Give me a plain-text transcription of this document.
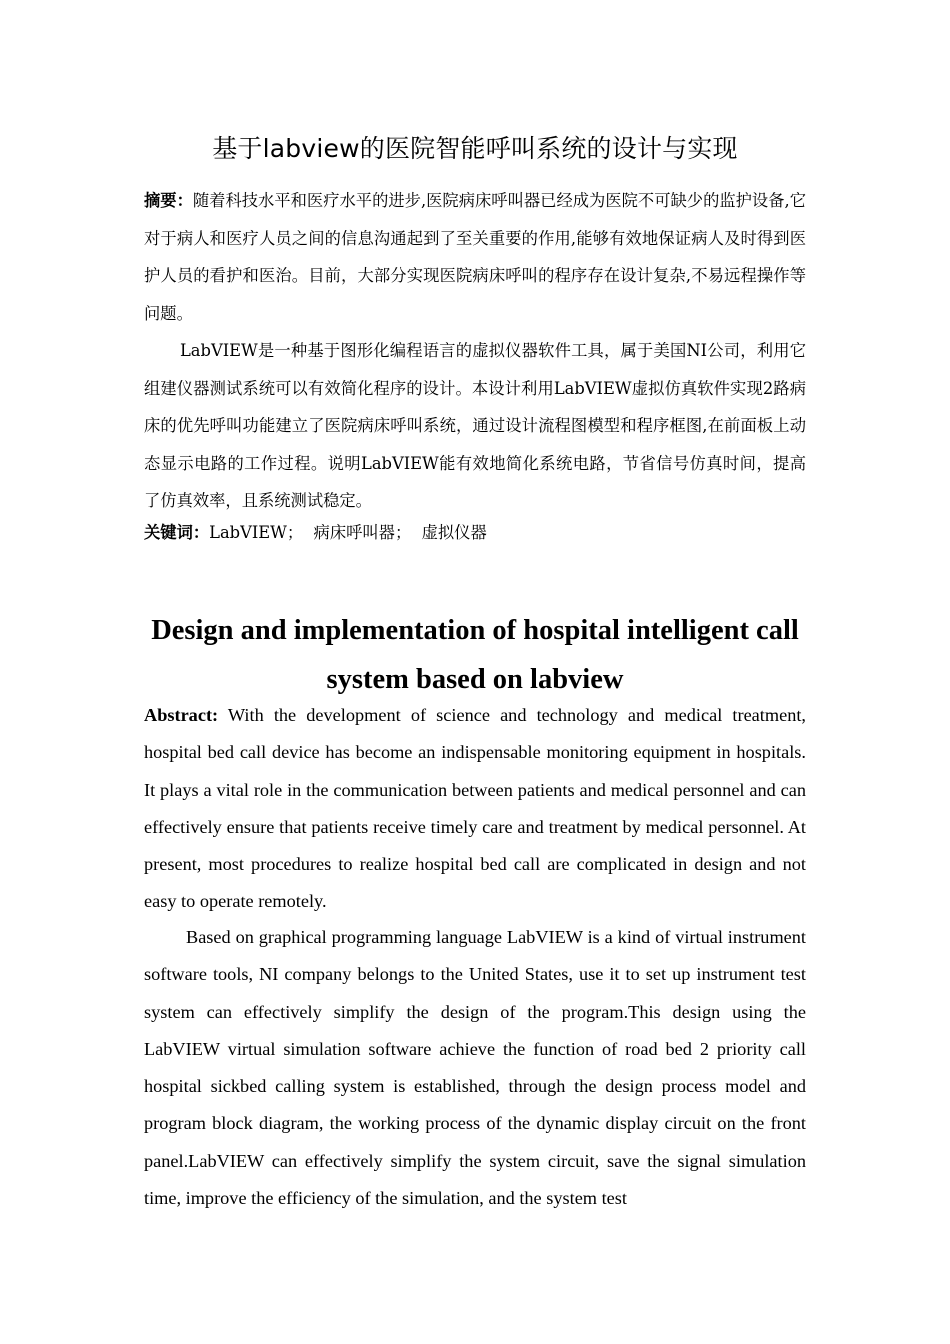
基于labview的医院智能呼叫系统的设计与实现
摘要：随着科技水平和医疗水平的进步,医院病床呼叫器已经成为医院不可缺少的监护设备,它对于病人和医疗人员之间的信息沟通起到了至关重要的作用,能够有效地保证病人及时得到医护人员的看护和医治。目前，大部分实现医院病床呼叫的程序存在设计复杂,不易远程操作等问题。
LabVIEW是一种基于图形化编程语言的虚拟仪器软件工具，属于美国NI公司，利用它组建仪器测试系统可以有效简化程序的设计。本设计利用LabVIEW虚拟仿真软件实现2路病床的优先呼叫功能建立了医院病床呼叫系统，通过设计流程图模型和程序框图,在前面板上动态显示电路的工作过程。说明LabVIEW能有效地简化系统电路，节省信号仿真时间，提高了仿真效率，且系统测试稳定。
关键词：LabVIEW； 病床呼叫器； 虚拟仪器
Design and implementation of hospital intelligent call system based on labview
Abstract: With the development of science and technology and medical treatment, hospital bed call device has become an indispensable monitoring equipment in hospitals. It plays a vital role in the communication between patients and medical personnel and can effectively ensure that patients receive timely care and treatment by medical personnel. At present, most procedures to realize hospital bed call are complicated in design and not easy to operate remotely.
Based on graphical programming language LabVIEW is a kind of virtual instrument software tools, NI company belongs to the United States, use it to set up instrument test system can effectively simplify the design of the program.This design using the LabVIEW virtual simulation software achieve the function of road bed 2 priority call hospital sickbed calling system is established, through the design process model and program block diagram, the working process of the dynamic display circuit on the front panel.LabVIEW can effectively simplify the system circuit, save the signal simulation time, improve the efficiency of the simulation, and the system test
